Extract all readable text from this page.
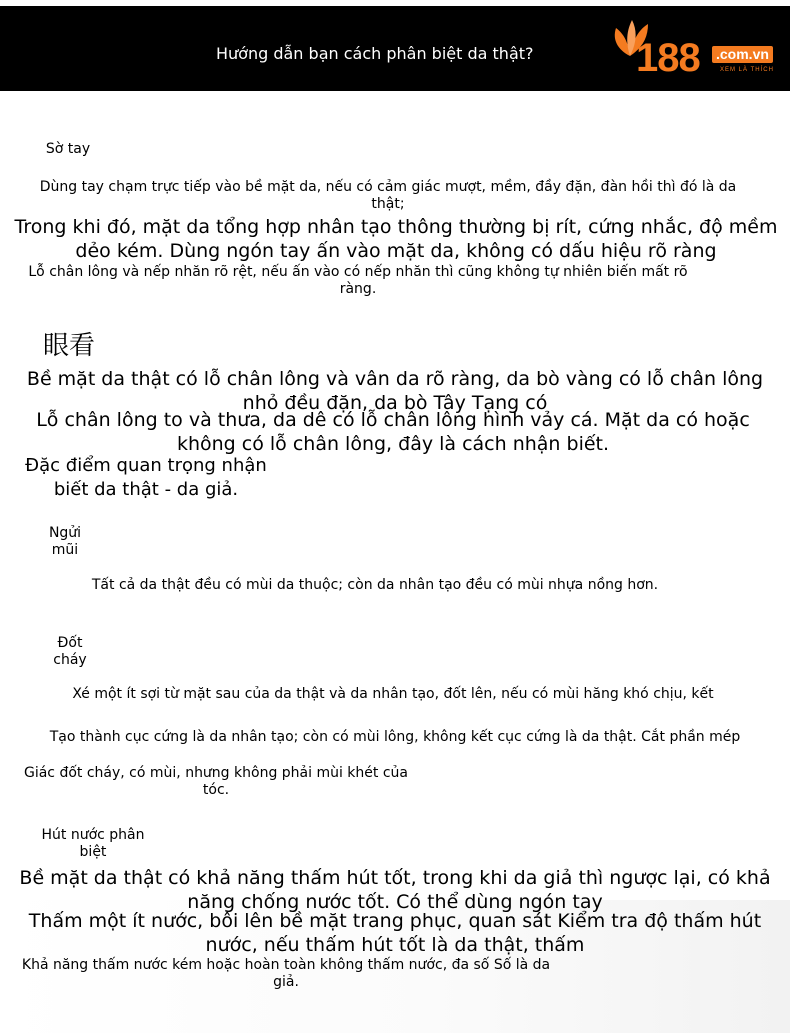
Hướng dẫn bạn cách phân biệt da thật?	188 .com.vn
XEM LÀ THÍCH
Sờ tay
Dùng tay chạm trực tiếp vào bề mặt da, nếu có cảm giác mượt, mềm, đầy đặn, đàn hồi thì đó là da thật;
Trong khi đó, mặt da tổng hợp nhân tạo thông thường bị rít, cứng nhắc, độ mềm dẻo kém. Dùng ngón tay ấn vào mặt da, không có dấu hiệu rõ ràng
Lỗ chân lông và nếp nhăn rõ rệt, nếu ấn vào có nếp nhăn thì cũng không tự nhiên biến mất rõ ràng.
眼看
Bề mặt da thật có lỗ chân lông và vân da rõ ràng, da bò vàng có lỗ chân lông nhỏ đều đặn, da bò Tây Tạng có
Lỗ chân lông to và thưa, da dê có lỗ chân lông hình vảy cá. Mặt da có hoặc không có lỗ chân lông, đây là cách nhận biết.
Đặc điểm quan trọng nhận biết da thật - da giả.
Ngửi mũi
Tất cả da thật đều có mùi da thuộc; còn da nhân tạo đều có mùi nhựa nồng hơn.
Đốt cháy
Xé một ít sợi từ mặt sau của da thật và da nhân tạo, đốt lên, nếu có mùi hăng khó chịu, kết
Tạo thành cục cứng là da nhân tạo; còn có mùi lông, không kết cục cứng là da thật. Cắt phần mép
Giác đốt cháy, có mùi, nhưng không phải mùi khét của tóc.
Hút nước phân biệt
Bề mặt da thật có khả năng thấm hút tốt, trong khi da giả thì ngược lại, có khả năng chống nước tốt. Có thể dùng ngón tay
Thấm một ít nước, bôi lên bề mặt trang phục, quan sát Kiểm tra độ thấm hút nước, nếu thấm hút tốt là da thật, thấm
Khả năng thấm nước kém hoặc hoàn toàn không thấm nước, đa số Số là da giả.
